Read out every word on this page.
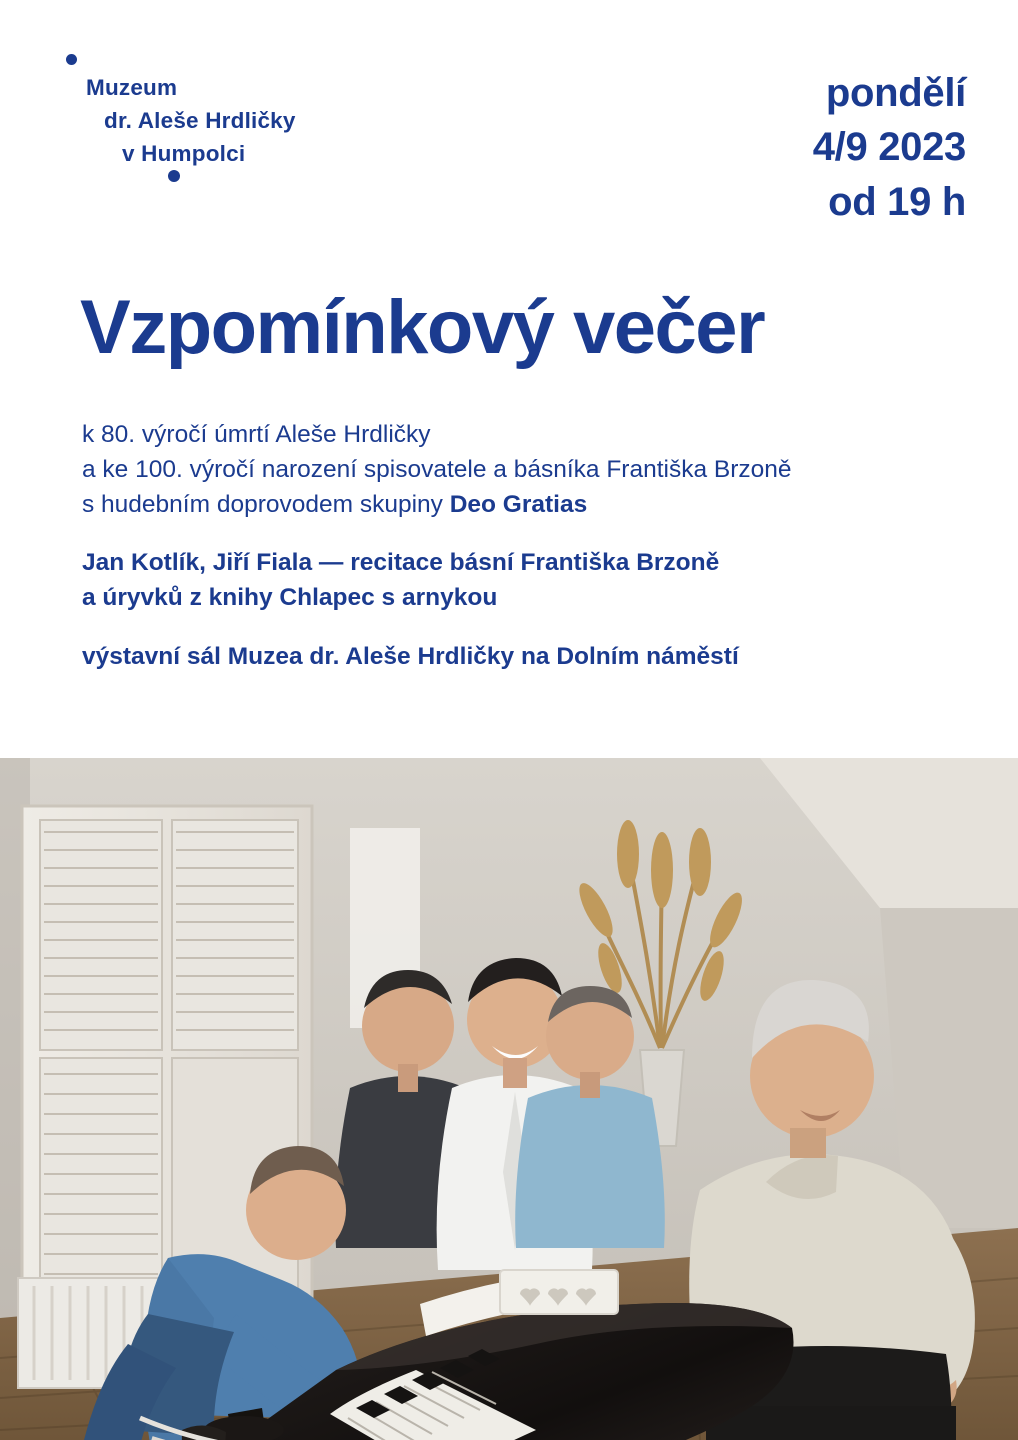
Muzeum
dr. Aleše Hrdličky
v Humpolci
pondělí
4/9 2023
od 19 h
Vzpomínkový večer
k 80. výročí úmrtí Aleše Hrdličky
a ke 100. výročí narození spisovatele a básníka Františka Brzoně
s hudebním doprovodem skupiny Deo Gratias
Jan Kotlík, Jiří Fiala — recitace básní Františka Brzoně
a úryvků z knihy Chlapec s arnykou
výstavní sál Muzea dr. Aleše Hrdličky na Dolním náměstí
